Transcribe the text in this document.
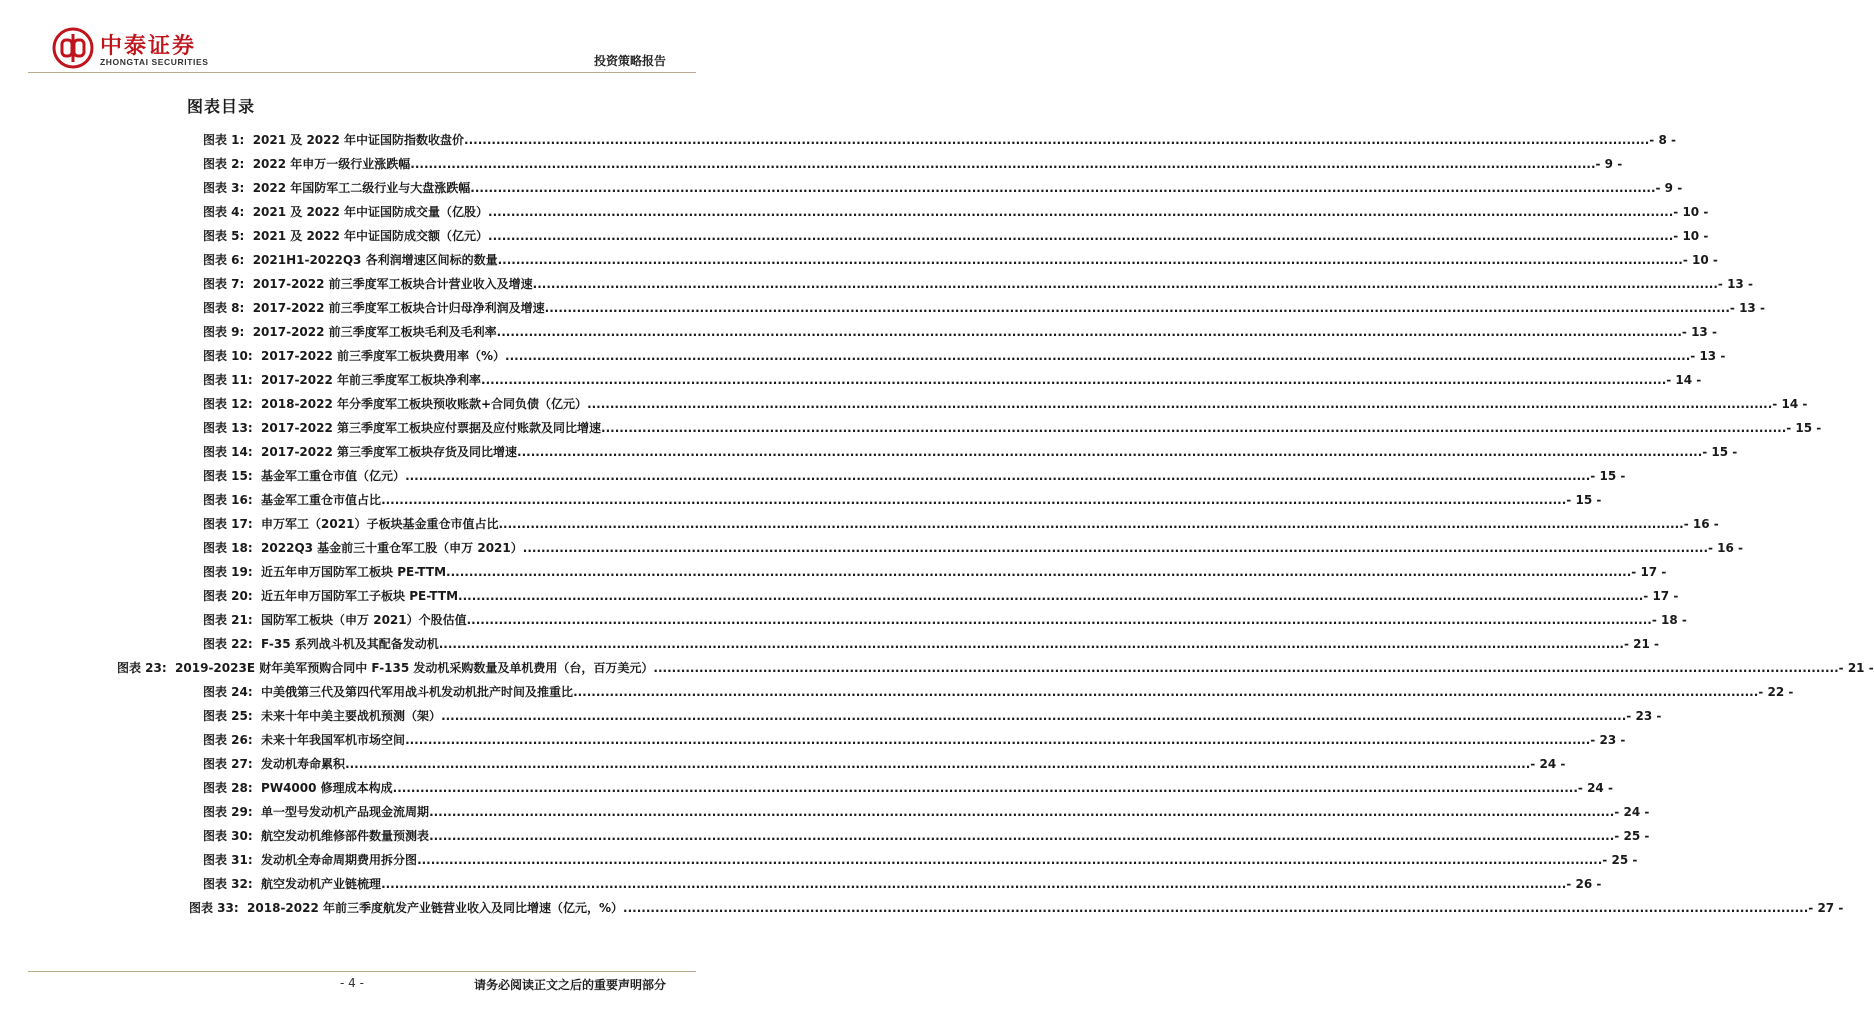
中泰证券
ZHONGTAI SECURITIES	投资策略报告
图表目录
图表 1: 2021 及 2022 年中证国防指数收盘价.................................................................................................................................................................................................................................................................... - 8 -
图表 2: 2022 年申万一级行业涨跌幅.................................................................................................................................................................................................................................................................... - 9 -
图表 3: 2022 年国防军工二级行业与大盘涨跌幅.................................................................................................................................................................................................................................................................... - 9 -
图表 4: 2021 及 2022 年中证国防成交量（亿股）.................................................................................................................................................................................................................................................................... - 10 -
图表 5: 2021 及 2022 年中证国防成交额（亿元）.................................................................................................................................................................................................................................................................... - 10 -
图表 6: 2021H1-2022Q3 各利润增速区间标的数量.................................................................................................................................................................................................................................................................... - 10 -
图表 7: 2017-2022 前三季度军工板块合计营业收入及增速.................................................................................................................................................................................................................................................................... - 13 -
图表 8: 2017-2022 前三季度军工板块合计归母净利润及增速.................................................................................................................................................................................................................................................................... - 13 -
图表 9: 2017-2022 前三季度军工板块毛利及毛利率.................................................................................................................................................................................................................................................................... - 13 -
图表 10: 2017-2022 前三季度军工板块费用率（%）.................................................................................................................................................................................................................................................................... - 13 -
图表 11: 2017-2022 年前三季度军工板块净利率.................................................................................................................................................................................................................................................................... - 14 -
图表 12: 2018-2022 年分季度军工板块预收账款+合同负债（亿元）.................................................................................................................................................................................................................................................................... - 14 -
图表 13: 2017-2022 第三季度军工板块应付票据及应付账款及同比增速.................................................................................................................................................................................................................................................................... - 15 -
图表 14: 2017-2022 第三季度军工板块存货及同比增速.................................................................................................................................................................................................................................................................... - 15 -
图表 15: 基金军工重仓市值（亿元）.................................................................................................................................................................................................................................................................... - 15 -
图表 16: 基金军工重仓市值占比.................................................................................................................................................................................................................................................................... - 15 -
图表 17: 申万军工（2021）子板块基金重仓市值占比.................................................................................................................................................................................................................................................................... - 16 -
图表 18: 2022Q3 基金前三十重仓军工股（申万 2021）.................................................................................................................................................................................................................................................................... - 16 -
图表 19: 近五年申万国防军工板块 PE-TTM.................................................................................................................................................................................................................................................................... - 17 -
图表 20: 近五年申万国防军工子板块 PE-TTM.................................................................................................................................................................................................................................................................... - 17 -
图表 21: 国防军工板块（申万 2021）个股估值.................................................................................................................................................................................................................................................................... - 18 -
图表 22: F-35 系列战斗机及其配备发动机.................................................................................................................................................................................................................................................................... - 21 -
图表 23: 2019-2023E 财年美军预购合同中 F-135 发动机采购数量及单机费用（台，百万美元）.................................................................................................................................................................................................................................................................... - 21 -
图表 24: 中美俄第三代及第四代军用战斗机发动机批产时间及推重比.................................................................................................................................................................................................................................................................... - 22 -
图表 25: 未来十年中美主要战机预测（架）.................................................................................................................................................................................................................................................................... - 23 -
图表 26: 未来十年我国军机市场空间.................................................................................................................................................................................................................................................................... - 23 -
图表 27: 发动机寿命累积.................................................................................................................................................................................................................................................................... - 24 -
图表 28: PW4000 修理成本构成.................................................................................................................................................................................................................................................................... - 24 -
图表 29: 单一型号发动机产品现金流周期.................................................................................................................................................................................................................................................................... - 24 -
图表 30: 航空发动机维修部件数量预测表.................................................................................................................................................................................................................................................................... - 25 -
图表 31: 发动机全寿命周期费用拆分图.................................................................................................................................................................................................................................................................... - 25 -
图表 32: 航空发动机产业链梳理.................................................................................................................................................................................................................................................................... - 26 -
图表 33: 2018-2022 年前三季度航发产业链营业收入及同比增速（亿元，%）.................................................................................................................................................................................................................................................................... - 27 -
- 4 -	请务必阅读正文之后的重要声明部分
